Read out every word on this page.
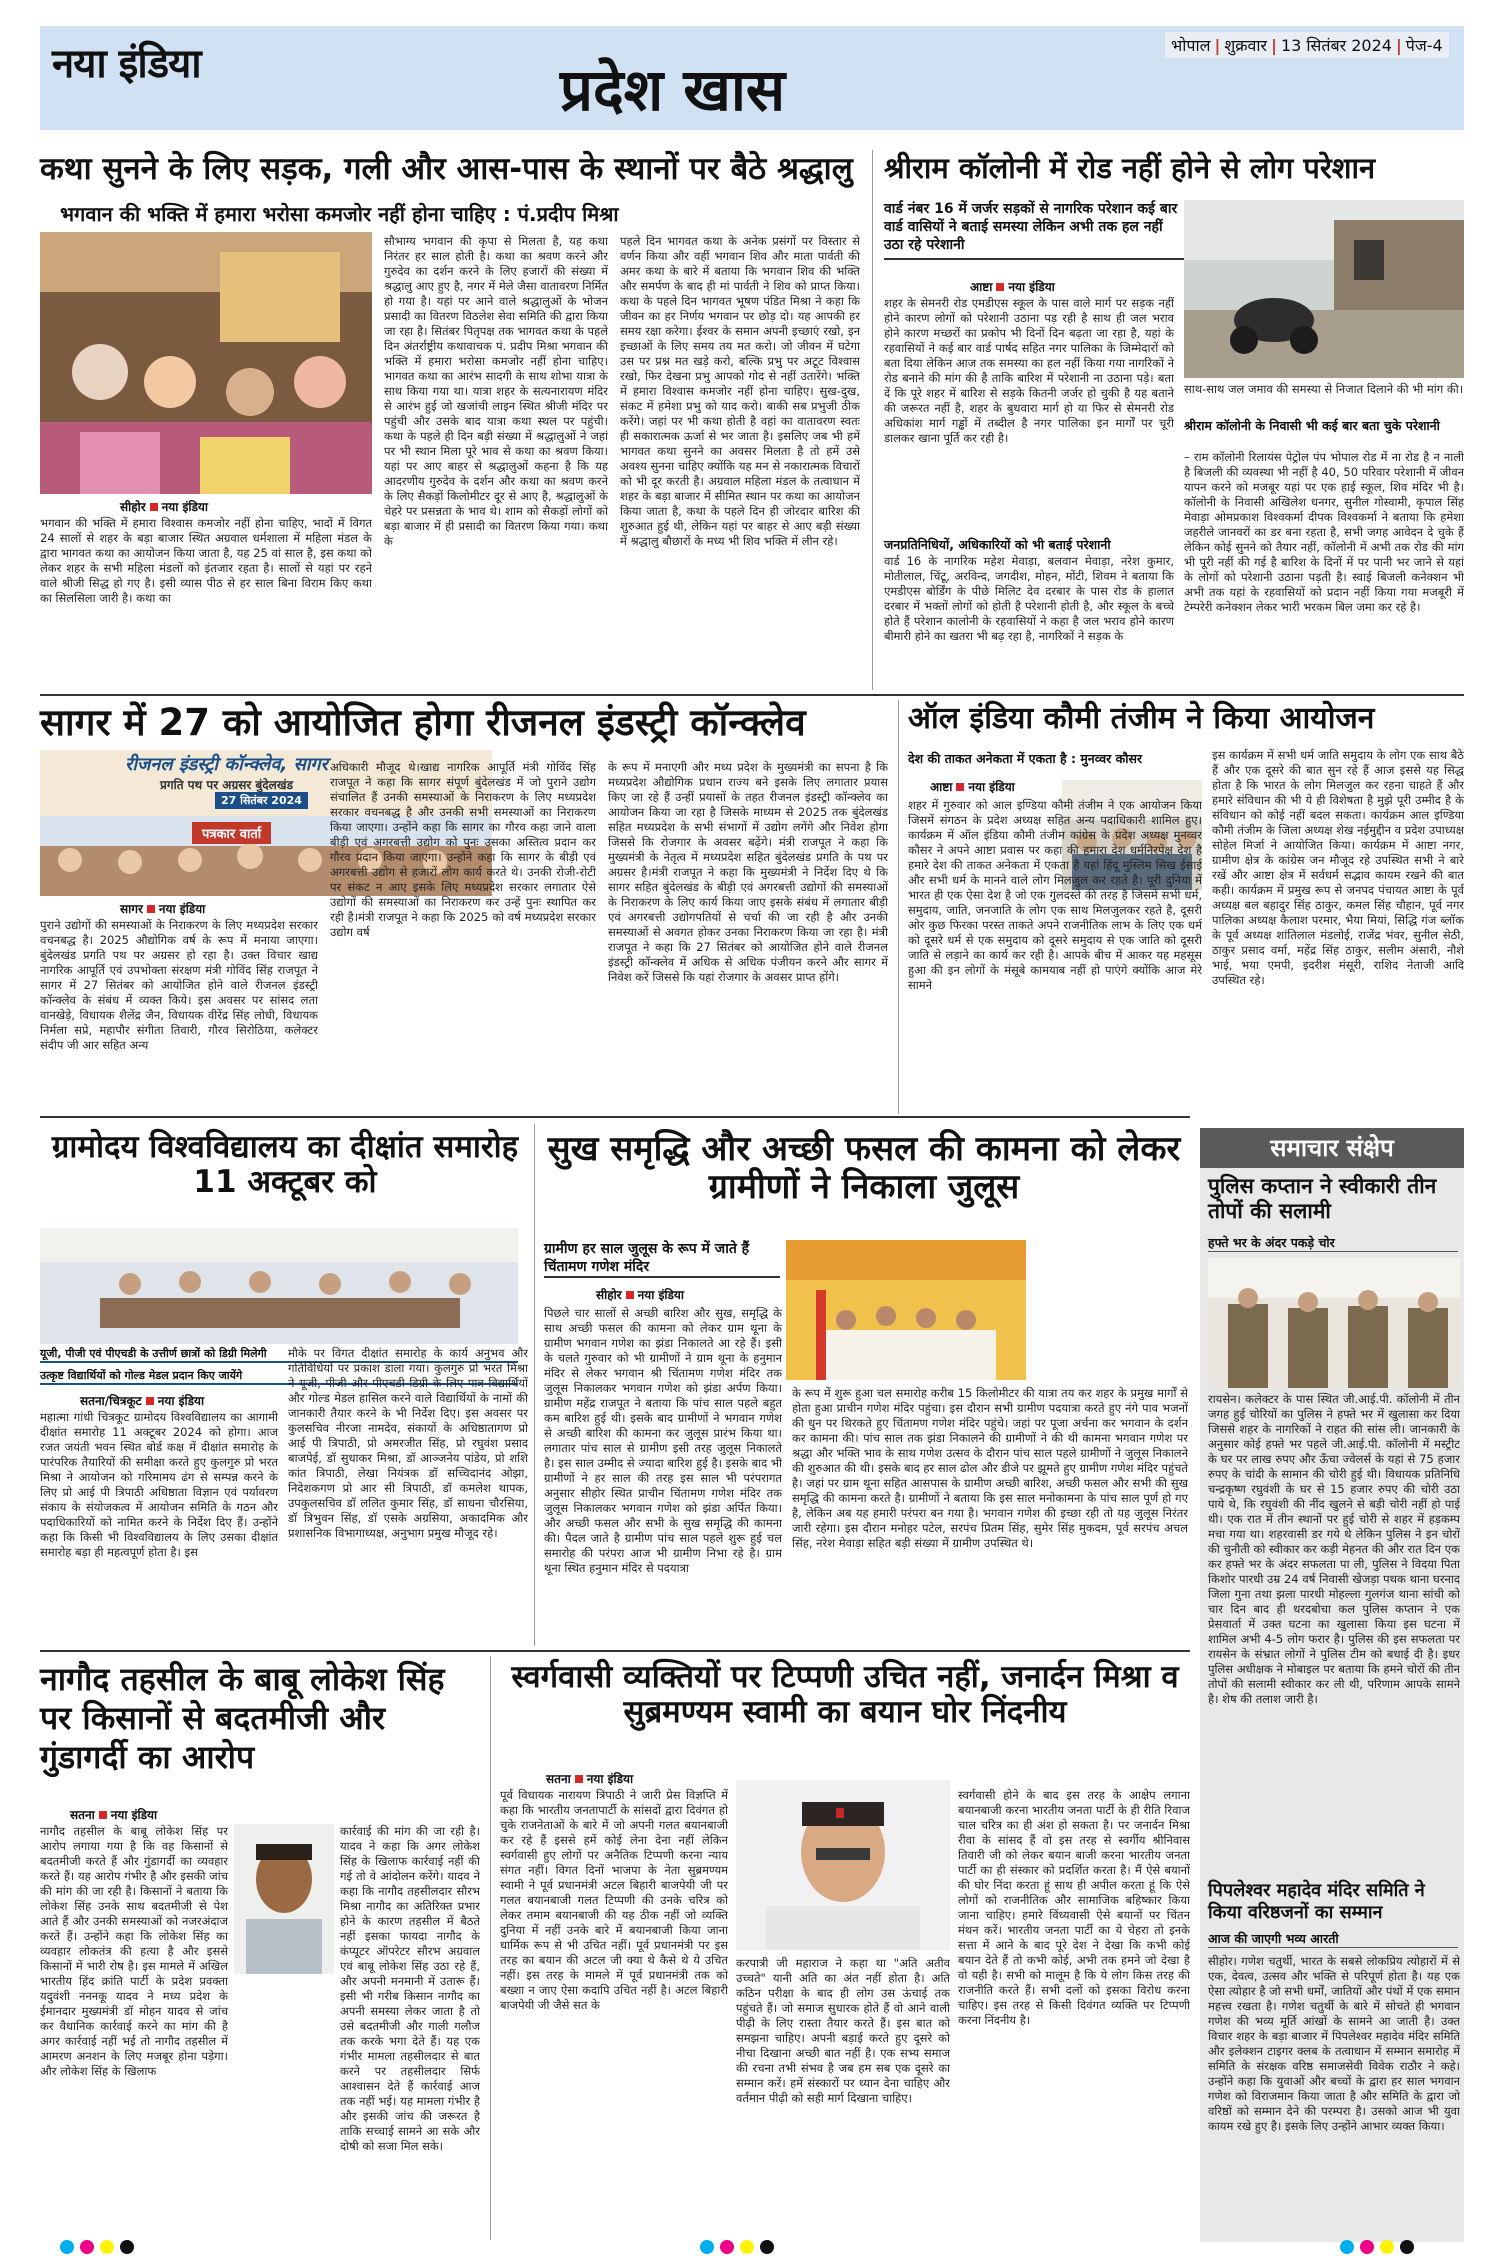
नया इंडिया	प्रदेश खास
भोपाल | शुक्रवार | 13 सितंबर 2024 | पेज-4
कथा सुनने के लिए सड़क, गली और आस-पास के स्थानों पर बैठे श्रद्धालु
भगवान की भक्ति में हमारा भरोसा कमजोर नहीं होना चाहिए : पं.प्रदीप मिश्रा
सीहोर नया इंडिया
भगवान की भक्ति में हमारा विश्वास कमजोर नहीं होना चाहिए, भादों में विगत 24 सालों से शहर के बड़ा बाजार स्थित अग्रवाल धर्मशाला में महिला मंडल के द्वारा भागवत कथा का आयोजन किया जाता है, यह 25 वां साल है, इस कथा को लेकर शहर के सभी महिला मंडलों को इंतजार रहता है। सालों से यहां पर रहने वाले श्रीजी सिद्ध हो गए है। इसी व्यास पीठ से हर साल बिना विराम किए कथा का सिलसिला जारी है। कथा का
सौभाग्य भगवान की कृपा से मिलता है, यह कथा निरंतर हर साल होती है। कथा का श्रवण करने और गुरुदेव का दर्शन करने के लिए हजारों की संख्या में श्रद्धालु आए हुए है, नगर में मेले जैसा वातावरण निर्मित हो गया है। यहां पर आने वाले श्रद्धालुओं के भोजन प्रसादी का वितरण विठलेश सेवा समिति की द्वारा किया जा रहा है। सितंबर पितृपक्ष तक भागवत कथा के पहले दिन अंतर्राष्ट्रीय कथावाचक पं. प्रदीप मिश्रा भगवान की भक्ति में हमारा भरोसा कमजोर नहीं होना चाहिए। भागवत कथा का आरंभ सादगी के साथ शोभा यात्रा के साथ किया गया था। यात्रा शहर के सत्यनारायण मंदिर से आरंभ हुई जो खजांची लाइन स्थित श्रीजी मंदिर पर पहुंची और उसके बाद यात्रा कथा स्थल पर पहुंची। कथा के पहले ही दिन बड़ी संख्या में श्रद्धालुओं ने जहां पर भी स्थान मिला पूरे भाव से कथा का श्रवण किया। यहां पर आए बाहर से श्रद्धालुओं कहना है कि यह आदरणीय गुरुदेव के दर्शन और कथा का श्रवण करने के लिए सैकड़ों किलोमीटर दूर से आए है, श्रद्धालुओं के चेहरे पर प्रसन्नता के भाव थे। शाम को सैकड़ों लोगों को बड़ा बाजार में ही प्रसादी का वितरण किया गया। कथा के
पहले दिन भागवत कथा के अनेक प्रसंगों पर विस्तार से वर्णन किया और वहीं भगवान शिव और माता पार्वती की अमर कथा के बारे में बताया कि भगवान शिव की भक्ति और समर्पण के बाद ही मां पार्वती ने शिव को प्राप्त किया। कथा के पहले दिन भागवत भूषण पंडित मिश्रा ने कहा कि जीवन का हर निर्णय भगवान पर छोड़ दो। यह आपकी हर समय रक्षा करेगा। ईश्वर के समान अपनी इच्छाएं रखो, इन इच्छाओं के लिए समय तय मत करो। जो जीवन में घटेगा उस पर प्रश्न मत खड़े करो, बल्कि प्रभु पर अटूट विश्वास रखो, फिर देखना प्रभु आपको गोद से नहीं उतारेंगे। भक्ति में हमारा विश्वास कमजोर नहीं होना चाहिए। सुख-दुख, संकट में हमेशा प्रभु को याद करो। बाकी सब प्रभुजी ठीक करेंगे। जहां पर भी कथा होती है वहां का वातावरण स्वतः ही सकारात्मक ऊर्जा से भर जाता है। इसलिए जब भी हमें भागवत कथा सुनने का अवसर मिलता है तो हमें उसे अवश्य सुनना चाहिए क्योंकि यह मन से नकारात्मक विचारों को भी दूर करती है। अग्रवाल महिला मंडल के तत्वाधान में शहर के बड़ा बाजार में सीमित स्थान पर कथा का आयोजन किया जाता है, कथा के पहले दिन ही जोरदार बारिश की शुरुआत हुई थी, लेकिन यहां पर बाहर से आए बड़ी संख्या में श्रद्धालु बौछारों के मध्य भी शिव भक्ति में लीन रहे।
श्रीराम कॉलोनी में रोड नहीं होने से लोग परेशान
वार्ड नंबर 16 में जर्जर सड़कों से नागरिक परेशान कई बार वार्ड वासियों ने बताई समस्या लेकिन अभी तक हल नहीं उठा रहे परेशानी
आष्टा नया इंडिया
शहर के सेमनरी रोड एमडीएस स्कूल के पास वाले मार्ग पर सड़क नहीं होने कारण लोगों को परेशानी उठाना पड़ रही है साथ ही जल भराव होने कारण मच्छरों का प्रकोप भी दिनों दिन बढ़ता जा रहा है, यहां के रहवासियों ने कई बार वार्ड पार्षद सहित नगर पालिका के जिम्मेदारों को बता दिया लेकिन आज तक समस्या का हल नहीं किया गया नागरिकों ने रोड बनाने की मांग की है ताकि बारिश में परेशानी ना उठाना पड़े। बता दें कि पूरे शहर में बारिश से सड़के कितनी जर्जर हो चुकी है यह बताने की जरूरत नहीं है, शहर के बुधवारा मार्ग हो या फिर से सेमनरी रोड अधिकांश मार्ग गड्ढों में तब्दील है नगर पालिका इन मार्गों पर चूरी डालकर खाना पूर्ति कर रही है।
जनप्रतिनिधियों, अधिकारियों को भी बताई परेशानी
वार्ड 16 के नागरिक महेश मेवाड़ा, बलवान मेवाड़ा, नरेश कुमार, मोतीलाल, चिंटू, अरविन्द, जगदीश, मोहन, मोंटी, शिवम ने बताया कि एमडीएस बोर्डिंग के पीछे मिलिट देव दरबार के पास रोड के हालात दरबार में भक्तों लोगों को होती है परेशानी होती है, और स्कूल के बच्चे होते हैं परेशान कालोनी के रहवासियों ने कहा है जल भराव होने कारण बीमारी होने का खतरा भी बढ़ रहा है, नागरिकों ने सड़क के
साथ-साथ जल जमाव की समस्या से निजात दिलाने की भी मांग की।
श्रीराम कॉलोनी के निवासी भी कई बार बता चुके परेशानी
– राम कॉलोनी रिलायंस पेट्रोल पंप भोपाल रोड में ना रोड है न नाली है बिजली की व्यवस्था भी नहीं है 40, 50 परिवार परेशानी में जीवन यापन करने को मजबूर यहां पर एक हाई स्कूल, शिव मंदिर भी है। कॉलोनी के निवासी अखिलेश धनगर, सुनील गोस्वामी, कृपाल सिंह मेवाड़ा ओमप्रकाश विश्वकर्मा दीपक विश्वकर्मा ने बताया कि हमेशा जहरीले जानवरों का डर बना रहता है, सभी जगह आवेदन दे चुके हैं लेकिन कोई सुनने को तैयार नहीं, कॉलोनी में अभी तक रोड की मांग भी पूरी नहीं की गई है बारिश के दिनों में पर पानी भर जाने से यहां के लोगों को परेशानी उठाना पड़ती है। स्वाई बिजली कनेक्शन भी अभी तक यहां के रहवासियों को प्रदान नहीं किया गया मजबूरी में टेम्परेरी कनेक्शन लेकर भारी भरकम बिल जमा कर रहे है।
सागर में 27 को आयोजित होगा रीजनल इंडस्ट्री कॉन्क्लेव
रीजनल इंडस्ट्री कॉन्क्लेव, सागर
प्रगति पथ पर अग्रसर बुंदेलखंड
27 सितंबर 2024
पत्रकार वार्ता
सागर नया इंडिया
पुराने उद्योगों की समस्याओं के निराकरण के लिए मध्यप्रदेश सरकार वचनबद्ध है। 2025 औद्योगिक वर्ष के रूप में मनाया जाएगा। बुंदेलखंड प्रगति पथ पर अग्रसर हो रहा है। उक्त विचार खाद्य नागरिक आपूर्ति एवं उपभोक्ता संरक्षण मंत्री गोविंद सिंह राजपूत ने सागर में 27 सितंबर को आयोजित होने वाले रीजनल इंडस्ट्री कॉन्क्लेव के संबंध में व्यक्त किये। इस अवसर पर सांसद लता वानखेड़े, विधायक शैलेंद्र जैन, विधायक वीरेंद्र सिंह लोधी, विधायक निर्मला सप्रे, महापौर संगीता तिवारी, गौरव सिरोठिया, कलेक्टर संदीप जी आर सहित अन्य
अधिकारी मौजूद थे।खाद्य नागरिक आपूर्ति मंत्री गोविंद सिंह राजपूत ने कहा कि सागर संपूर्ण बुंदेलखंड में जो पुराने उद्योग संचालित हैं उनकी समस्याओं के निराकरण के लिए मध्यप्रदेश सरकार वचनबद्ध है और उनकी सभी समस्याओं का निराकरण किया जाएगा। उन्होंने कहा कि सागर का गौरव कहा जाने वाला बीड़ी एवं अगरबत्ती उद्योग को पुनः उसका अस्तित्व प्रदान कर गौरव प्रदान किया जाएगा। उन्होंने कहा कि सागर के बीड़ी एवं अगरबत्ती उद्योग से हजारों लोग कार्य करते थे। उनकी रोजी-रोटी पर संकट न आए इसके लिए मध्यप्रदेश सरकार लगातार ऐसे उद्योगों की समस्याओं का निराकरण कर उन्हें पुनः स्थापित कर रही है।मंत्री राजपूत ने कहा कि 2025 को वर्ष मध्यप्रदेश सरकार उद्योग वर्ष
के रूप में मनाएगी और मध्य प्रदेश के मुख्यमंत्री का सपना है कि मध्यप्रदेश औद्योगिक प्रधान राज्य बने इसके लिए लगातार प्रयास किए जा रहे हैं उन्हीं प्रयासों के तहत रीजनल इंडस्ट्री कॉन्क्लेव का आयोजन किया जा रहा है जिसके माध्यम से 2025 तक बुंदेलखंड सहित मध्यप्रदेश के सभी संभागों में उद्योग लगेंगे और निवेश होगा जिससे कि रोजगार के अवसर बढ़ेंगे। मंत्री राजपूत ने कहा कि मुख्यमंत्री के नेतृत्व में मध्यप्रदेश सहित बुंदेलखंड प्रगति के पथ पर अग्रसर है।मंत्री राजपूत ने कहा कि मुख्यमंत्री ने निर्देश दिए थे कि सागर सहित बुंदेलखंड के बीड़ी एवं अगरबत्ती उद्योगों की समस्याओं के निराकरण के लिए कार्य किया जाए इसके संबंध में लगातार बीड़ी एवं अगरबत्ती उद्योगपतियों से चर्चा की जा रही है और उनकी समस्याओं से अवगत होकर उनका निराकरण किया जा रहा है। मंत्री राजपूत ने कहा कि 27 सितंबर को आयोजित होने वाले रीजनल इंडस्ट्री कॉन्क्लेव में अधिक से अधिक पंजीयन करने और सागर में निवेश करें जिससे कि यहां रोजगार के अवसर प्राप्त होंगे।
ऑल इंडिया कौमी तंजीम ने किया आयोजन
देश की ताकत अनेकता में एकता है : मुनव्वर कौसर
आष्टा नया इंडिया
शहर में गुरुवार को आल इण्डिया कौमी तंजीम ने एक आयोजन किया जिसमें संगठन के प्रदेश अध्यक्ष सहित अन्य पदाधिकारी शामिल हुए। कार्यक्रम में ऑल इंडिया कौमी तंजीम कांग्रेस के प्रदेश अध्यक्ष मुनव्वर कौसर ने अपने आष्टा प्रवास पर कहा की हमारा देश धर्मनिरपेक्ष देश है हमारे देश की ताकत अनेकता में एकता है यहां हिंदू मुस्लिम सिख ईसाई और सभी धर्म के मानने वाले लोग मिलजुल कर रहते है। पूरी दुनिया में भारत ही एक ऐसा देश है जो एक गुलदस्ते की तरह है जिसमें सभी धर्म, समुदाय, जाति, जनजाति के लोग एक साथ मिलजुलकर रहते है, दूसरी ओर कुछ फिरका परस्त ताकते अपने राजनीतिक लाभ के लिए एक धर्म को दूसरे धर्म से एक समुदाय को दूसरे समुदाय से एक जाति को दूसरी जाति से लड़ाने का कार्य कर रही है। आपके बीच में आकर यह महसूस हुआ की इन लोगों के मंसूबे कामयाब नहीं हो पाएंगे क्योंकि आज मेरे सामने
इस कार्यक्रम में सभी धर्म जाति समुदाय के लोग एक साथ बैठे हैं और एक दूसरे की बात सुन रहे हैं आज इससे यह सिद्ध होता है कि भारत के लोग मिलजुल कर रहना चाहते हैं और हमारे संविधान की भी ये ही विशेषता है मुझे पूरी उम्मीद है के संविधान को कोई नहीं बदल सकता। कार्यक्रम आल इण्डिया कौमी तंजीम के जिला अध्यक्ष शेख नईमुद्दीन व प्रदेश उपाध्यक्ष सोहेल मिर्जा ने आयोजित किया। कार्यक्रम में आष्टा नगर, ग्रामीण क्षेत्र के कांग्रेस जन मौजूद रहे उपस्थित सभी ने बारे रखें और आष्टा क्षेत्र में सर्वधर्म सद्भाव कायम रखने की बात कही। कार्यक्रम में प्रमुख रूप से जनपद पंचायत आष्टा के पूर्व अध्यक्ष बल बहादुर सिंह ठाकुर, कमल सिंह चौहान, पूर्व नगर पालिका अध्यक्ष कैलाश परमार, भैया मियां, सिद्धि गंज ब्लॉक के पूर्व अध्यक्ष शांतिलाल मंडलोई, राजेंद्र भंवर, सुनील सेठी, ठाकुर प्रसाद वर्मा, महेंद्र सिंह ठाकुर, सलीम अंसारी, नौशे भाई, भया एमपी, इदरीश मंसूरी, राशिद नेताजी आदि उपस्थित रहे।
ग्रामोदय विश्वविद्यालय का दीक्षांत समारोह 11 अक्टूबर को
यूजी, पीजी एवं पीएचडी के उत्तीर्ण छात्रों को डिग्री मिलेगी
उत्कृष्ट विद्यार्थियों को गोल्ड मेडल प्रदान किए जायेंगे
सतना/चित्रकूट नया इंडिया
महात्मा गांधी चित्रकूट ग्रामोदय विश्वविद्यालय का आगामी दीक्षांत समारोह 11 अक्टूबर 2024 को होगा। आज रजत जयंती भवन स्थित बोर्ड कक्ष में दीक्षांत समारोह के पारंपरिक तैयारियों की समीक्षा करते हुए कुलगुरु प्रो भरत मिश्रा ने आयोजन को गरिमामय ढंग से सम्पन्न करने के लिए प्रो आई पी त्रिपाठी अधिष्ठाता विज्ञान एवं पर्यावरण संकाय के संयोजकत्व में आयोजन समिति के गठन और पदाधिकारियों को नामित करने के निर्देश दिए हैं। उन्होंने कहा कि किसी भी विश्वविद्यालय के लिए उसका दीक्षांत समारोह बड़ा ही महत्वपूर्ण होता है। इस
मौके पर विगत दीक्षांत समारोह के कार्य अनुभव और गतिविधियों पर प्रकाश डाला गया। कुलगुरु प्रो भरत मिश्रा ने यूजी, पीजी और पीएचडी डिग्री के लिए पात्र विद्यार्थियों और गोल्ड मेडल हासिल करने वाले विद्यार्थियों के नामों की जानकारी तैयार करने के भी निर्देश दिए। इस अवसर पर कुलसचिव नीरजा नामदेव, संकायों के अधिष्ठातागण प्रो आई पी त्रिपाठी, प्रो अमरजीत सिंह, प्रो रघुवंश प्रसाद बाजपेई, डॉ सुधाकर मिश्रा, डॉ आञ्जनेय पांडेय, प्रो शशि कांत त्रिपाठी, लेखा नियंत्रक डॉ सच्चिदानंद ओझा, निदेशकगण प्रो आर सी त्रिपाठी, डॉ कमलेश थापक, उपकुलसचिव डॉ ललित कुमार सिंह, डॉ साधना चौरसिया, डॉ त्रिभुवन सिंह, डॉ एसके अग्रसिया, अकादमिक और प्रशासनिक विभागाध्यक्ष, अनुभाग प्रमुख मौजूद रहे।
सुख समृद्धि और अच्छी फसल की कामना को लेकर ग्रामीणों ने निकाला जुलूस
ग्रामीण हर साल जुलूस के रूप में जाते हैं चिंतामण गणेश मंदिर
सीहोर नया इंडिया
पिछले चार सालों से अच्छी बारिश और सुख, समृद्धि के साथ अच्छी फसल की कामना को लेकर ग्राम थूना के ग्रामीण भगवान गणेश का झंडा निकालते आ रहे हैं। इसी के चलते गुरुवार को भी ग्रामीणों ने ग्राम थूना के हनुमान मंदिर से लेकर भगवान श्री चिंतामण गणेश मंदिर तक जुलूस निकालकर भगवान गणेश को झंडा अर्पण किया। ग्रामीण महेंद्र राजपूत ने बताया कि पांच साल पहले बहुत कम बारिश हुई थी। इसके बाद ग्रामीणों ने भगवान गणेश से अच्छी बारिश की कामना कर जुलूस प्रारंभ किया था। लगातार पांच साल से ग्रामीण इसी तरह जुलूस निकालते है। इस साल उम्मीद से ज्यादा बारिश हुई है। इसके बाद भी ग्रामीणों ने हर साल की तरह इस साल भी परंपरागत अनुसार सीहोर स्थित प्राचीन चिंतामण गणेश मंदिर तक जुलूस निकालकर भगवान गणेश को झंडा अर्पित किया। और अच्छी फसल और सभी के सुख समृद्धि की कामना की। पैदल जाते है ग्रामीण पांच साल पहले शुरू हुई चल समारोह की परंपरा आज भी ग्रामीण निभा रहे है। ग्राम थूना स्थित हनुमान मंदिर से पदयात्रा
के रूप में शुरू हुआ चल समारोह करीब 15 किलोमीटर की यात्रा तय कर शहर के प्रमुख मार्गों से होता हुआ प्राचीन गणेश मंदिर पहुंचा। इस दौरान सभी ग्रामीण पदयात्रा करते हुए नंगे पाव भजनों की धुन पर थिरकते हुए चिंतामण गणेश मंदिर पहुंचे। जहां पर पूजा अर्चना कर भगवान के दर्शन कर कामना की। पांच साल तक झंडा निकालने की ग्रामीणों ने की थी कामना भगवान गणेश पर श्रद्धा और भक्ति भाव के साथ गणेश उत्सव के दौरान पांच साल पहले ग्रामीणों ने जुलूस निकालने की शुरुआत की थी। इसके बाद हर साल ढोल और डीजे पर झूमते हुए ग्रामीण गणेश मंदिर पहुंचते है। जहां पर ग्राम थूना सहित आसपास के ग्रामीण अच्छी बारिश, अच्छी फसल और सभी की सुख समृद्धि की कामना करते है। ग्रामीणों ने बताया कि इस साल मनोकामना के पांच साल पूर्ण हो गए है, लेकिन अब यह हमारी परंपरा बन गया है। भगवान गणेश की इच्छा रही तो यह जुलूस निरंतर जारी रहेगा। इस दौरान मनोहर पटेल, सरपंच प्रितम सिंह, सुमेर सिंह मुकदम, पूर्व सरपंच अचल सिंह, नरेश मेवाड़ा सहित बड़ी संख्या में ग्रामीण उपस्थित थे।
नागौद तहसील के बाबू लोकेश सिंह पर किसानों से बदतमीजी और गुंडागर्दी का आरोप
सतना नया इंडिया
नागौद तहसील के बाबू लोकेश सिंह पर आरोप लगाया गया है कि वह किसानों से बदतमीजी करते हैं और गुंडागर्दी का व्यवहार करते हैं। यह आरोप गंभीर है और इसकी जांच की मांग की जा रही है। किसानों ने बताया कि लोकेश सिंह उनके साथ बदतमीजी से पेश आते हैं और उनकी समस्याओं को नजरअंदाज करते हैं। उन्होंने कहा कि लोकेश सिंह का व्यवहार लोकतंत्र की हत्या है और इससे किसानों में भारी रोष है। इस मामले में अखिल भारतीय हिंद क्रांति पार्टी के प्रदेश प्रवक्ता यदुवंशी नननकू यादव ने मध्य प्रदेश के ईमानदार मुख्यमंत्री डॉ मोहन यादव से जांच कर वैधानिक कार्रवाई करने का मांग की है अगर कार्रवाई नहीं भई तो नागौद तहसील में आमरण अनशन के लिए मजबूर होना पड़ेगा। और लोकेश सिंह के खिलाफ
कार्रवाई की मांग की जा रही है। यादव ने कहा कि अगर लोकेश सिंह के खिलाफ कार्रवाई नहीं की गई तो वे आंदोलन करेंगे। यादव ने कहा कि नागौद तहसीलदार सौरभ मिश्रा नागौद का अतिरिक्त प्रभार होने के कारण तहसील में बैठते नहीं इसका फायदा नागौद के कंप्यूटर ऑपरेटर सौरभ अग्रवाल एवं बाबू लोकेश सिंह उठा रहे हैं, और अपनी मनमानी में उतारू हैं। इसी भी गरीब किसान नागौद का अपनी समस्या लेकर जाता है तो उसे बदतमीजी और गाली गलौज तक करके भगा देते हैं। यह एक गंभीर मामला तहसीलदार से बात करने पर तहसीलदार सिर्फ आश्वासन देते हैं कार्रवाई आज तक नहीं भई। यह मामला गंभीर है और इसकी जांच की जरूरत है ताकि सच्चाई सामने आ सके और दोषी को सजा मिल सके।
स्वर्गवासी व्यक्तियों पर टिप्पणी उचित नहीं, जनार्दन मिश्रा व सुब्रमण्यम स्वामी का बयान घोर निंदनीय
सतना नया इंडिया
पूर्व विधायक नारायण त्रिपाठी ने जारी प्रेस विज्ञप्ति में कहा कि भारतीय जनतापार्टी के सांसदों द्वारा दिवंगत हो चुके राजनेताओं के बारे में जो अपनी गलत बयानबाजी कर रहे हैं इससे हमें कोई लेना देना नहीं लेकिन स्वर्गवासी हुए लोगों पर अनैतिक टिप्पणी करना न्याय संगत नहीं। विगत दिनों भाजपा के नेता सुब्रमण्यम स्वामी ने पूर्व प्रधानमंत्री अटल बिहारी बाजपेयी जी पर गलत बयानबाजी गलत टिप्पणी की उनके चरित्र को लेकर तमाम बयानबाजी की यह ठीक नहीं जो व्यक्ति दुनिया में नहीं उनके बारे में बयानबाजी किया जाना धार्मिक रूप से भी उचित नहीं। पूर्व प्रधानमंत्री पर इस तरह का बयान की अटल जी क्या थे कैसे थे ये उचित नहीं। इस तरह के मामले में पूर्व प्रधानमंत्री तक को बख्शा न जाए ऐसा कदापि उचित नहीं है। अटल बिहारी बाजपेयी जी जैसे सत के
करपात्री जी महाराज ने कहा था "अति अतीव उच्चते" यानी अति का अंत नहीं होता है। अति कठिन परीक्षा के बाद ही लोग उस ऊंचाई तक पहुंचते हैं। जो समाज सुधारक होते हैं वो आने वाली पीढ़ी के लिए रास्ता तैयार करते हैं। इस बात को समझना चाहिए। अपनी बड़ाई करते हुए दूसरे को नीचा दिखाना अच्छी बात नहीं है। एक सभ्य समाज की रचना तभी संभव है जब हम सब एक दूसरे का सम्मान करें। हमें संस्कारों पर ध्यान देना चाहिए और वर्तमान पीढ़ी को सही मार्ग दिखाना चाहिए।
स्वर्गवासी होने के बाद इस तरह के आक्षेप लगाना बयानबाजी करना भारतीय जनता पार्टी के ही रीति रिवाज चाल चरित्र का ही अंश हो सकता है। पर जनार्दन मिश्रा रीवा के सांसद हैं वो इस तरह से स्वर्गीय श्रीनिवास तिवारी जी को लेकर बयान बाजी करना भारतीय जनता पार्टी का ही संस्कार को प्रदर्शित करता है। मैं ऐसे बयानों की घोर निंदा करता हूं साथ ही अपील करता हूं कि ऐसे लोगों को राजनीतिक और सामाजिक बहिष्कार किया जाना चाहिए। हमारे विंध्यवासी ऐसे बयानों पर चिंतन मंथन करें। भारतीय जनता पार्टी का ये चेहरा तो इनके सत्ता में आने के बाद पूरे देश ने देखा कि कभी कोई बयान देते हैं तो कभी कोई, अभी तक हमने जो देखा है वो यही है। सभी को मालूम है कि ये लोग किस तरह की राजनीति करते हैं। सभी दलों को इसका विरोध करना चाहिए। इस तरह से किसी दिवंगत व्यक्ति पर टिप्पणी करना निंदनीय है।
समाचार संक्षेप
पुलिस कप्तान ने स्वीकारी तीन तोपों की सलामी
हफ्ते भर के अंदर पकड़े चोर
रायसेन। कलेक्टर के पास स्थित जी.आई.पी. कॉलोनी में तीन जगह हुई चोरियों का पुलिस ने हफ्ते भर में खुलासा कर दिया जिससे शहर के नागरिकों ने राहत की सांस ली। जानकारी के अनुसार कोई हफ्ते भर पहले जी.आई.पी. कॉलोनी में मस्ट्रीट के घर पर लाख रुपए और ऊँचा ज्वेलर्स के यहां से 75 हजार रुपए के चांदी के सामान की चोरी हुई थी। विधायक प्रतिनिधि चन्द्रकृष्ण रघुवंशी के घर से 15 हजार रुपए की चोरी उठा पाये थे, कि रघुवंशी की नींद खुलने से बड़ी चोरी नहीं हो पाई थी। एक रात में तीन स्थानों पर हुई चोरी से शहर में हड़कम्प मचा गया था। शहरवासी डर गये थे लेकिन पुलिस ने इन चोरों की चुनौती को स्वीकार कर कड़ी मेहनत की और रात दिन एक कर हफ्ते भर के अंदर सफलता पा ली, पुलिस ने विदया पिता किशोर पारधी उम्र 24 वर्ष निवासी खेजड़ा पथक थाना घरनाद जिला गुना तथा झला पारधी मोहल्ला गुलगंज थाना सांची को चार दिन बाद ही धरदबोचा कल पुलिस कप्तान ने एक प्रेसवार्ता में उक्त घटना का खुलासा किया इस घटना में शामिल अभी 4-5 लोग फरार है। पुलिस की इस सफलता पर रायसेन के संभ्रात लोगों ने पुलिस टीम को बधाई दी है। इधर पुलिस अधीक्षक ने मोबाइल पर बताया कि हमने चोरों की तीन तोपों की सलामी स्वीकार कर ली थी, परिणाम आपके सामने है। शेष की तलाश जारी है।
पिपलेश्वर महादेव मंदिर समिति ने किया वरिष्ठजनों का सम्मान
आज की जाएगी भव्य आरती
सीहोर। गणेश चतुर्थी, भारत के सबसे लोकप्रिय त्योहारों में से एक, देवत्व, उत्सव और भक्ति से परिपूर्ण होता है। यह एक ऐसा त्योहार है जो सभी धर्मों, जातियों और पंथों में एक समान महत्त्व रखता है। गणेश चतुर्थी के बारे में सोचते ही भगवान गणेश की भव्य मूर्ति आंखों के सामने आ जाती है। उक्त विचार शहर के बड़ा बाजार में पिपलेश्वर महादेव मंदिर समिति और इलेक्शन टाइगर क्लब के तत्वाधान में सम्मान समारोह में समिति के संरक्षक वरिष्ठ समाजसेवी विवेक राठौर ने कहे। उन्होंने कहा कि युवाओं और बच्चों के द्वारा हर साल भगवान गणेश को विराजमान किया जाता है और समिति के द्वारा जो वरिष्ठों को सम्मान देने की परम्परा है। उसको आज भी युवा कायम रखे हुए है। इसके लिए उन्होंने आभार व्यक्त किया।
